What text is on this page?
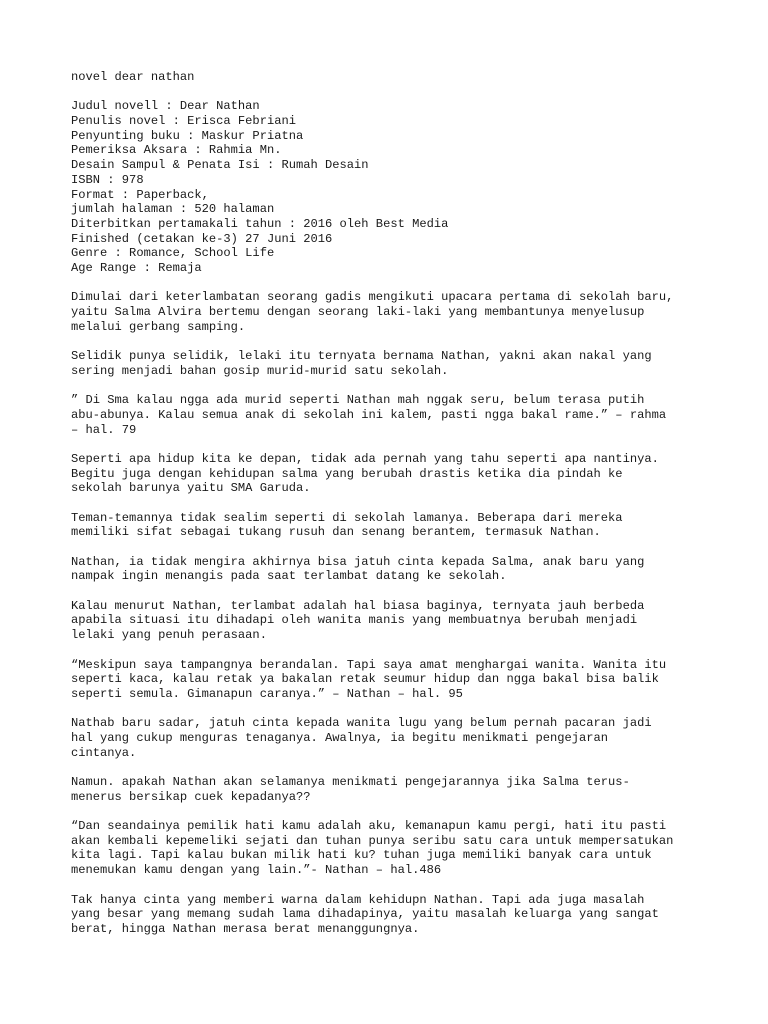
novel dear nathan
Judul novell : Dear Nathan
Penulis novel : Erisca Febriani
Penyunting buku : Maskur Priatna
Pemeriksa Aksara : Rahmia Mn.
Desain Sampul & Penata Isi : Rumah Desain
ISBN : 978
Format : Paperback,
jumlah halaman : 520 halaman
Diterbitkan pertamakali tahun : 2016 oleh Best Media
Finished (cetakan ke-3) 27 Juni 2016
Genre : Romance, School Life
Age Range : Remaja
Dimulai dari keterlambatan seorang gadis mengikuti upacara pertama di sekolah baru,
yaitu Salma Alvira bertemu dengan seorang laki-laki yang membantunya menyelusup
melalui gerbang samping.
Selidik punya selidik, lelaki itu ternyata bernama Nathan, yakni akan nakal yang
sering menjadi bahan gosip murid-murid satu sekolah.
” Di Sma kalau ngga ada murid seperti Nathan mah nggak seru, belum terasa putih
abu-abunya. Kalau semua anak di sekolah ini kalem, pasti ngga bakal rame.” – rahma
– hal. 79
Seperti apa hidup kita ke depan, tidak ada pernah yang tahu seperti apa nantinya.
Begitu juga dengan kehidupan salma yang berubah drastis ketika dia pindah ke
sekolah barunya yaitu SMA Garuda.
Teman-temannya tidak sealim seperti di sekolah lamanya. Beberapa dari mereka
memiliki sifat sebagai tukang rusuh dan senang berantem, termasuk Nathan.
Nathan, ia tidak mengira akhirnya bisa jatuh cinta kepada Salma, anak baru yang
nampak ingin menangis pada saat terlambat datang ke sekolah.
Kalau menurut Nathan, terlambat adalah hal biasa baginya, ternyata jauh berbeda
apabila situasi itu dihadapi oleh wanita manis yang membuatnya berubah menjadi
lelaki yang penuh perasaan.
“Meskipun saya tampangnya berandalan. Tapi saya amat menghargai wanita. Wanita itu
seperti kaca, kalau retak ya bakalan retak seumur hidup dan ngga bakal bisa balik
seperti semula. Gimanapun caranya.” – Nathan – hal. 95
Nathab baru sadar, jatuh cinta kepada wanita lugu yang belum pernah pacaran jadi
hal yang cukup menguras tenaganya. Awalnya, ia begitu menikmati pengejaran
cintanya.
Namun. apakah Nathan akan selamanya menikmati pengejarannya jika Salma terus-
menerus bersikap cuek kepadanya??
“Dan seandainya pemilik hati kamu adalah aku, kemanapun kamu pergi, hati itu pasti
akan kembali kepemeliki sejati dan tuhan punya seribu satu cara untuk mempersatukan
kita lagi. Tapi kalau bukan milik hati ku? tuhan juga memiliki banyak cara untuk
menemukan kamu dengan yang lain.”- Nathan – hal.486
Tak hanya cinta yang memberi warna dalam kehidupn Nathan. Tapi ada juga masalah
yang besar yang memang sudah lama dihadapinya, yaitu masalah keluarga yang sangat
berat, hingga Nathan merasa berat menanggungnya.
